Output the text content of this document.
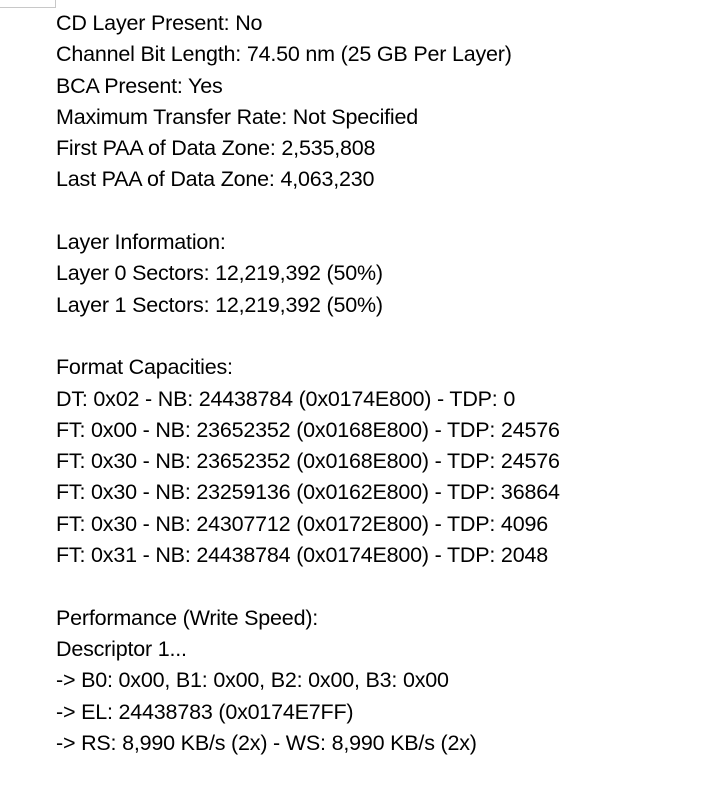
CD Layer Present: No
Channel Bit Length: 74.50 nm (25 GB Per Layer)
BCA Present: Yes
Maximum Transfer Rate: Not Specified
First PAA of Data Zone: 2,535,808
Last PAA of Data Zone: 4,063,230
Layer Information:
Layer 0 Sectors: 12,219,392 (50%)
Layer 1 Sectors: 12,219,392 (50%)
Format Capacities:
DT: 0x02 - NB: 24438784 (0x0174E800) - TDP: 0
FT: 0x00 - NB: 23652352 (0x0168E800) - TDP: 24576
FT: 0x30 - NB: 23652352 (0x0168E800) - TDP: 24576
FT: 0x30 - NB: 23259136 (0x0162E800) - TDP: 36864
FT: 0x30 - NB: 24307712 (0x0172E800) - TDP: 4096
FT: 0x31 - NB: 24438784 (0x0174E800) - TDP: 2048
Performance (Write Speed):
Descriptor 1...
-> B0: 0x00, B1: 0x00, B2: 0x00, B3: 0x00
-> EL: 24438783 (0x0174E7FF)
-> RS: 8,990 KB/s (2x) - WS: 8,990 KB/s (2x)
